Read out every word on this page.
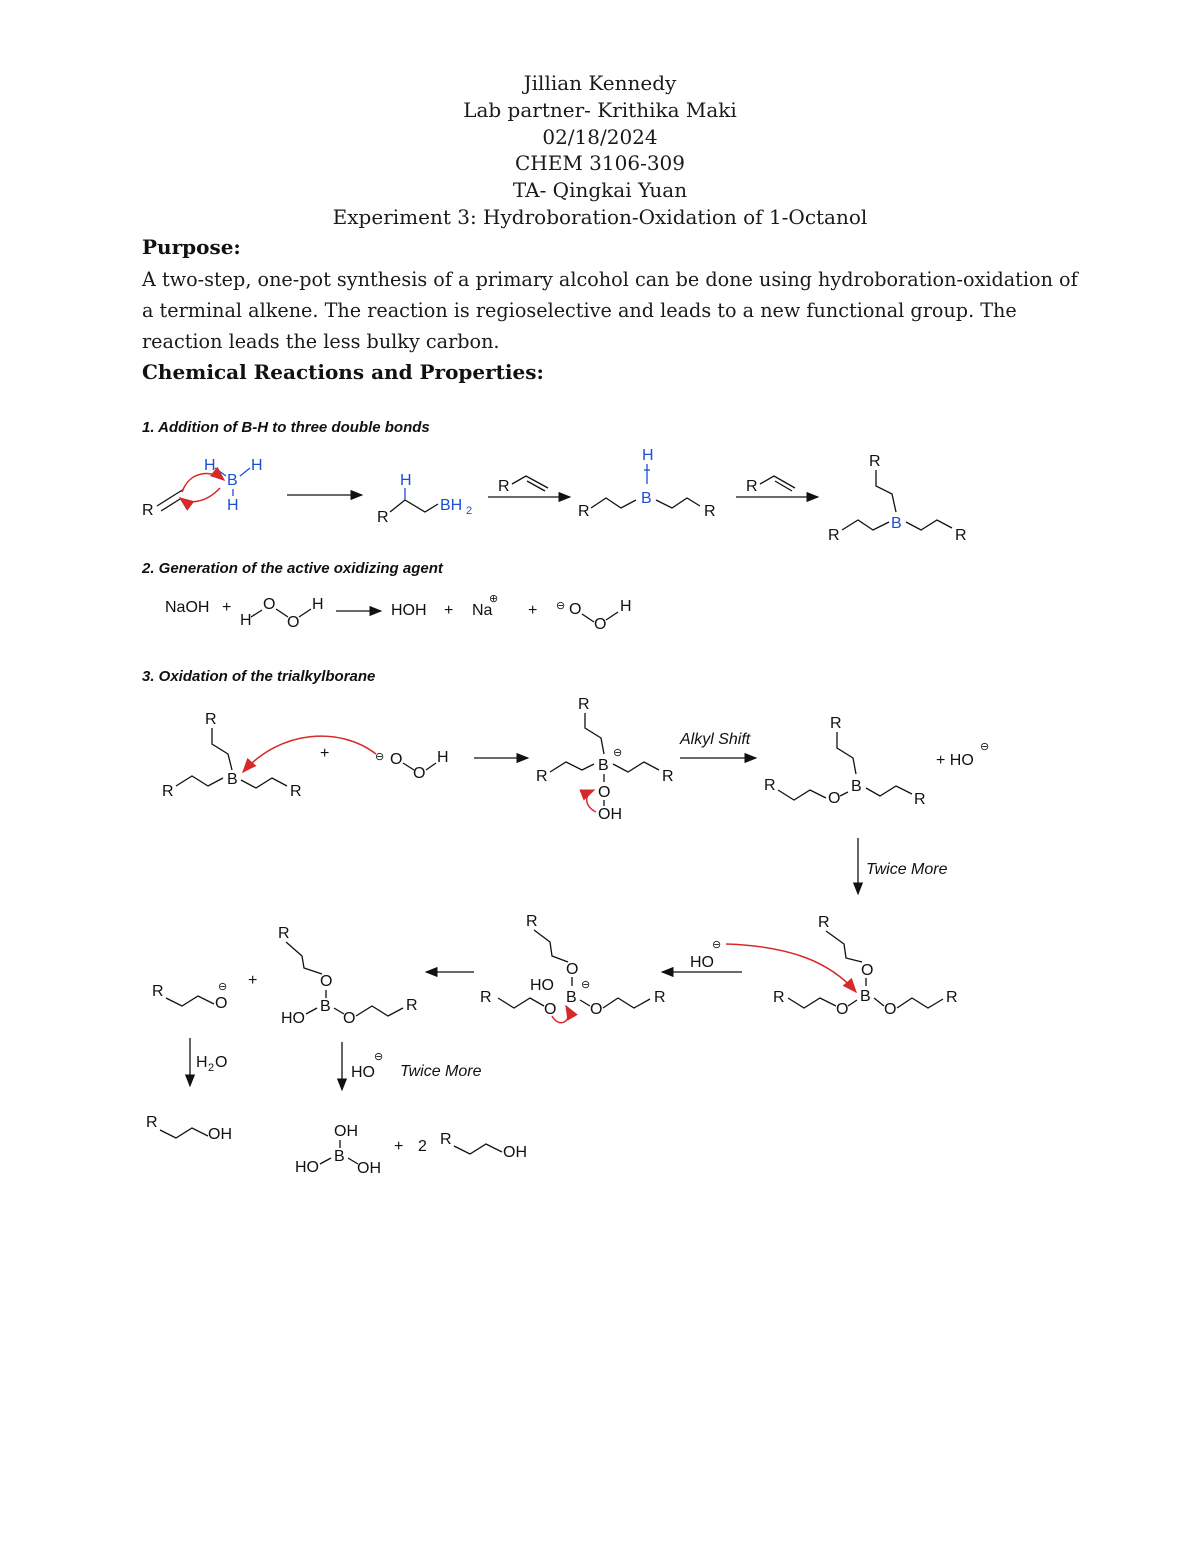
Jillian Kennedy
Lab partner- Krithika Maki
02/18/2024
CHEM 3106-309
TA- Qingkai Yuan
Experiment 3: Hydroboration-Oxidation of 1-Octanol
Purpose:
A two-step, one-pot synthesis of a primary alcohol can be done using hydroboration-oxidation of
a terminal alkene. The reaction is regioselective and leads to a new functional group. The
reaction leads the less bulky carbon.
Chemical Reactions and Properties:
1. Addition of B-H to three double bonds
2. Generation of the active oxidizing agent
3. Oxidation of the trialkylborane
R
H
B
H
H
R
H
BH 2
R
R
B
H
R
R
R
B
R	R
NaOH +
H
O
O
H	HOH + Na
⊕
+ ⊖ O
O
H
R
B
R	R
+	⊖ O
O
H
R
B
⊖
R	R
O
OH
Alkyl Shift
R
B
R
O	R
+ HO
⊖
Twice More
R
O
B
R
O O
R
HO
⊖
R
O
HO
B
⊖
R
O O
R
R
O
⊖ +
R
O
B
HO O
R
H 2 O
HO
⊖
Twice More
R
OH	OH
B
HO OH
+ 2 R
OH
